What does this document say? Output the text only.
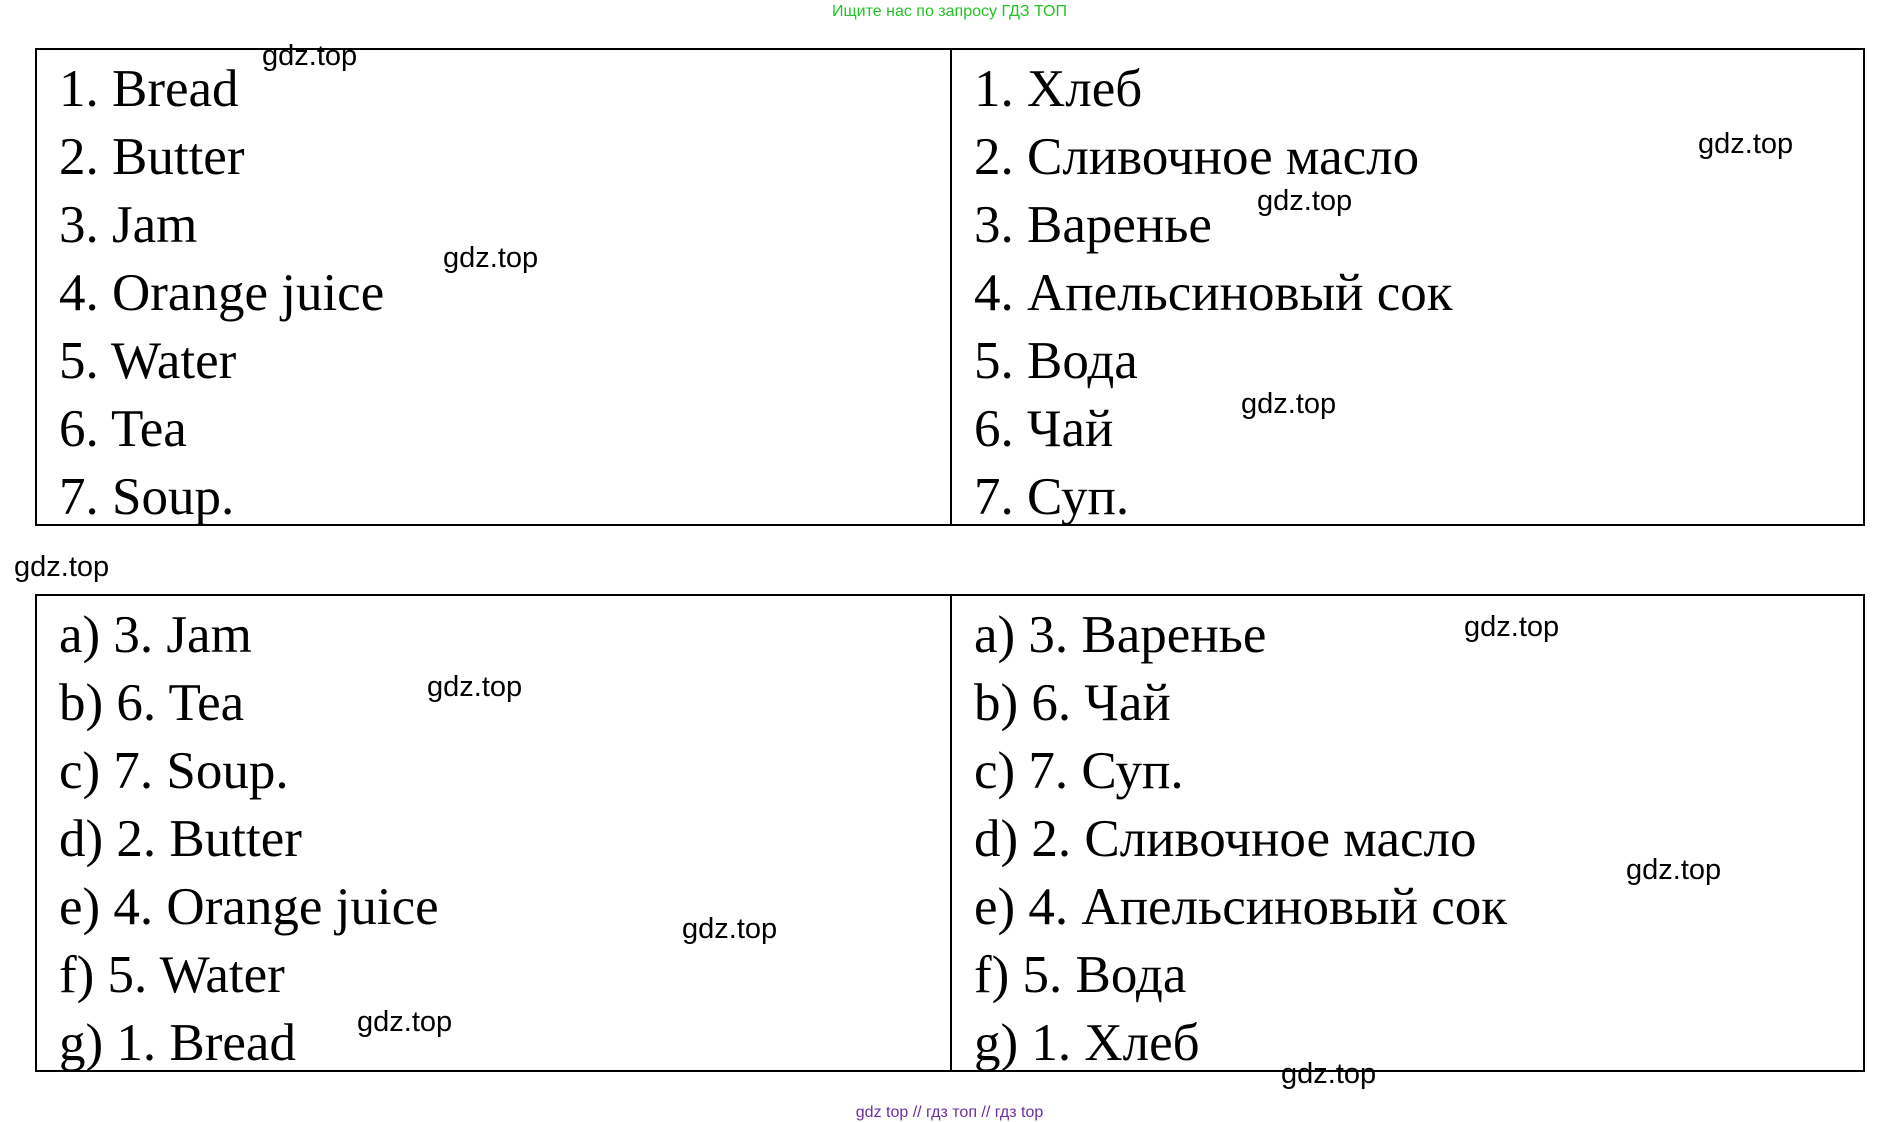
Ищите нас по запросу ГДЗ ТОП
1. Bread
2. Butter
3. Jam
4. Orange juice
5. Water
6. Tea
7. Soup.
1. Хлеб
2. Сливочное масло
3. Варенье
4. Апельсиновый сок
5. Вода
6. Чай
7. Суп.
a) 3. Jam
b) 6. Tea
c) 7. Soup.
d) 2. Butter
e) 4. Orange juice
f) 5. Water
g) 1. Bread
a) 3. Варенье
b) 6. Чай
c) 7. Суп.
d) 2. Сливочное масло
e) 4. Апельсиновый сок
f) 5. Вода
g) 1. Хлеб
gdz.top
gdz.top
gdz.top
gdz.top
gdz.top
gdz.top
gdz.top
gdz.top
gdz.top
gdz.top
gdz.top
gdz.top
gdz top // гдз топ // гдз top
